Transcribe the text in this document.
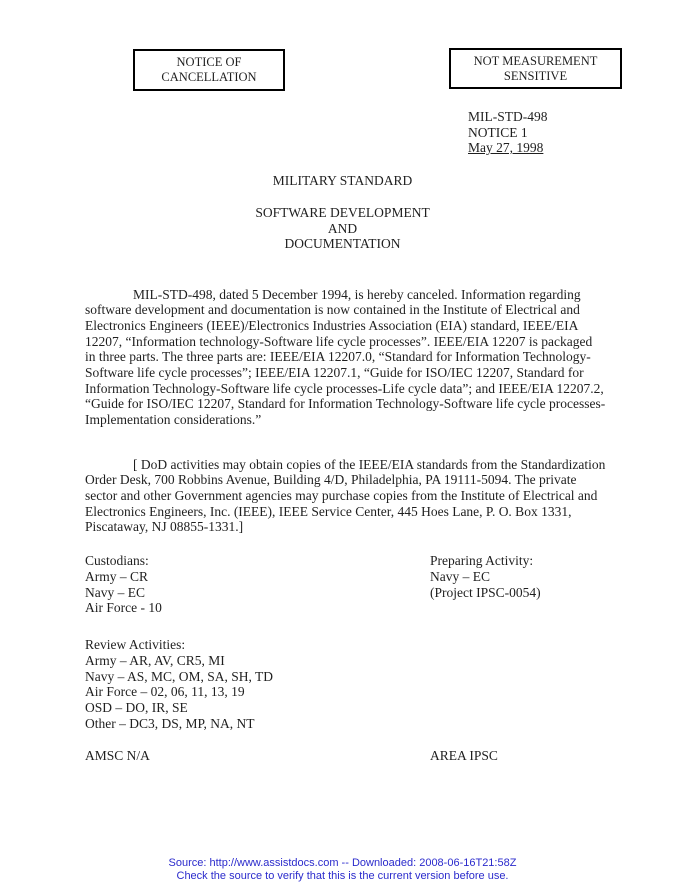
NOTICE OF
CANCELLATION
NOT MEASUREMENT
SENSITIVE
MIL-STD-498
NOTICE 1
May 27, 1998
MILITARY STANDARD
SOFTWARE DEVELOPMENT
AND
DOCUMENTATION

MIL-STD-498, dated 5 December 1994, is hereby canceled. Information regarding software development and documentation is now contained in the Institute of Electrical and Electronics Engineers (IEEE)/Electronics Industries Association (EIA) standard, IEEE/EIA 12207, “Information technology-Software life cycle processes”. IEEE/EIA 12207 is packaged in three parts. The three parts are: IEEE/EIA 12207.0, “Standard for Information Technology-Software life cycle processes”; IEEE/EIA 12207.1, “Guide for ISO/IEC 12207, Standard for Information Technology-Software life cycle processes-Life cycle data”; and IEEE/EIA 12207.2, “Guide for ISO/IEC 12207, Standard for Information Technology-Software life cycle processes-Implementation considerations.”

[ DoD activities may obtain copies of the IEEE/EIA standards from the Standardization Order Desk, 700 Robbins Avenue, Building 4/D, Philadelphia, PA 19111-5094. The private sector and other Government agencies may purchase copies from the Institute of Electrical and Electronics Engineers, Inc. (IEEE), IEEE Service Center, 445 Hoes Lane, P. O. Box 1331, Piscataway, NJ 08855-1331.]

Custodians:
Army – CR
Navy – EC
Air Force - 10
Preparing Activity:
Navy – EC
(Project IPSC-0054)
Review Activities:
Army – AR, AV, CR5, MI
Navy – AS, MC, OM, SA, SH, TD
Air Force – 02, 06, 11, 13, 19
OSD – DO, IR, SE
Other – DC3, DS, MP, NA, NT
AMSC N/A	AREA IPSC
Source: http://www.assistdocs.com -- Downloaded: 2008-06-16T21:58Z
Check the source to verify that this is the current version before use.
